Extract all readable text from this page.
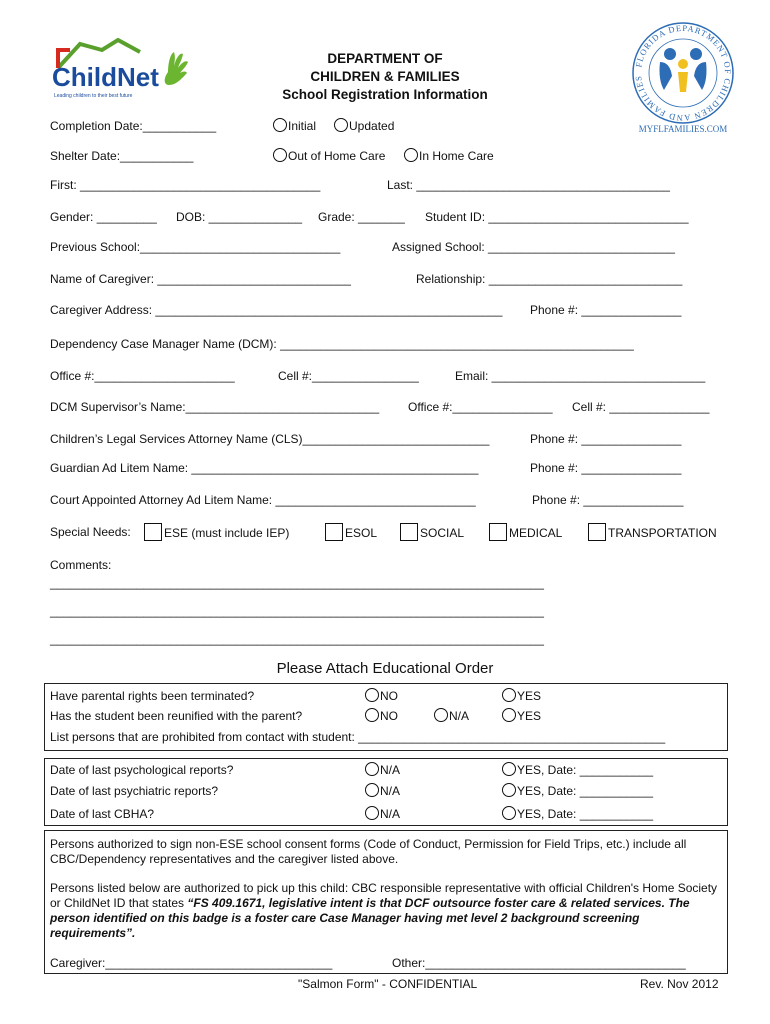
ChildNet
Leading children to their best future
FLORIDA DEPARTMENT OF CHILDREN AND FAMILIES
MYFLFAMILIES.COM
DEPARTMENT OF
CHILDREN & FAMILIES
School Registration Information
Completion Date:___________	Initial	Updated
Shelter Date:___________	Out of Home Care	In Home Care
First: ____________________________________	Last: ______________________________________
Gender: _________ DOB: ______________ Grade: _______ Student ID: ______________________________
Previous School:______________________________	Assigned School: ____________________________
Name of Caregiver: _____________________________	Relationship: _____________________________
Caregiver Address: ____________________________________________________ Phone #: _______________
Dependency Case Manager Name (DCM): _____________________________________________________
Office #:_____________________	Cell #:________________	Email: ________________________________
DCM Supervisor’s Name:_____________________________ Office #:_______________ Cell #: _______________
Children’s Legal Services Attorney Name (CLS)____________________________	Phone #: _______________
Guardian Ad Litem Name: ___________________________________________	Phone #: _______________
Court Appointed Attorney Ad Litem Name: ______________________________	Phone #: _______________
Special Needs:	ESE (must include IEP)	ESOL	SOCIAL	MEDICAL	TRANSPORTATION
Comments:
__________________________________________________________________________
__________________________________________________________________________
__________________________________________________________________________
Please Attach Educational Order
Have parental rights been terminated?	NO	YES
Has the student been reunified with the parent?	NO	N/A	YES
List persons that are prohibited from contact with student: ______________________________________________
Date of last psychological reports?	N/A	YES, Date: ___________
Date of last psychiatric reports?	N/A	YES, Date: ___________
Date of last CBHA?	N/A	YES, Date: ___________
Persons authorized to sign non-ESE school consent forms (Code of Conduct, Permission for Field Trips, etc.) include all CBC/Dependency representatives and the caregiver listed above.
Persons listed below are authorized to pick up this child: CBC responsible representative with official Children's Home Society or ChildNet ID that states “FS 409.1671, legislative intent is that DCF outsource foster care & related services. The person identified on this badge is a foster care Case Manager having met level 2 background screening requirements”.
Caregiver:__________________________________	Other:_______________________________________
"Salmon Form" - CONFIDENTIAL	Rev. Nov 2012
